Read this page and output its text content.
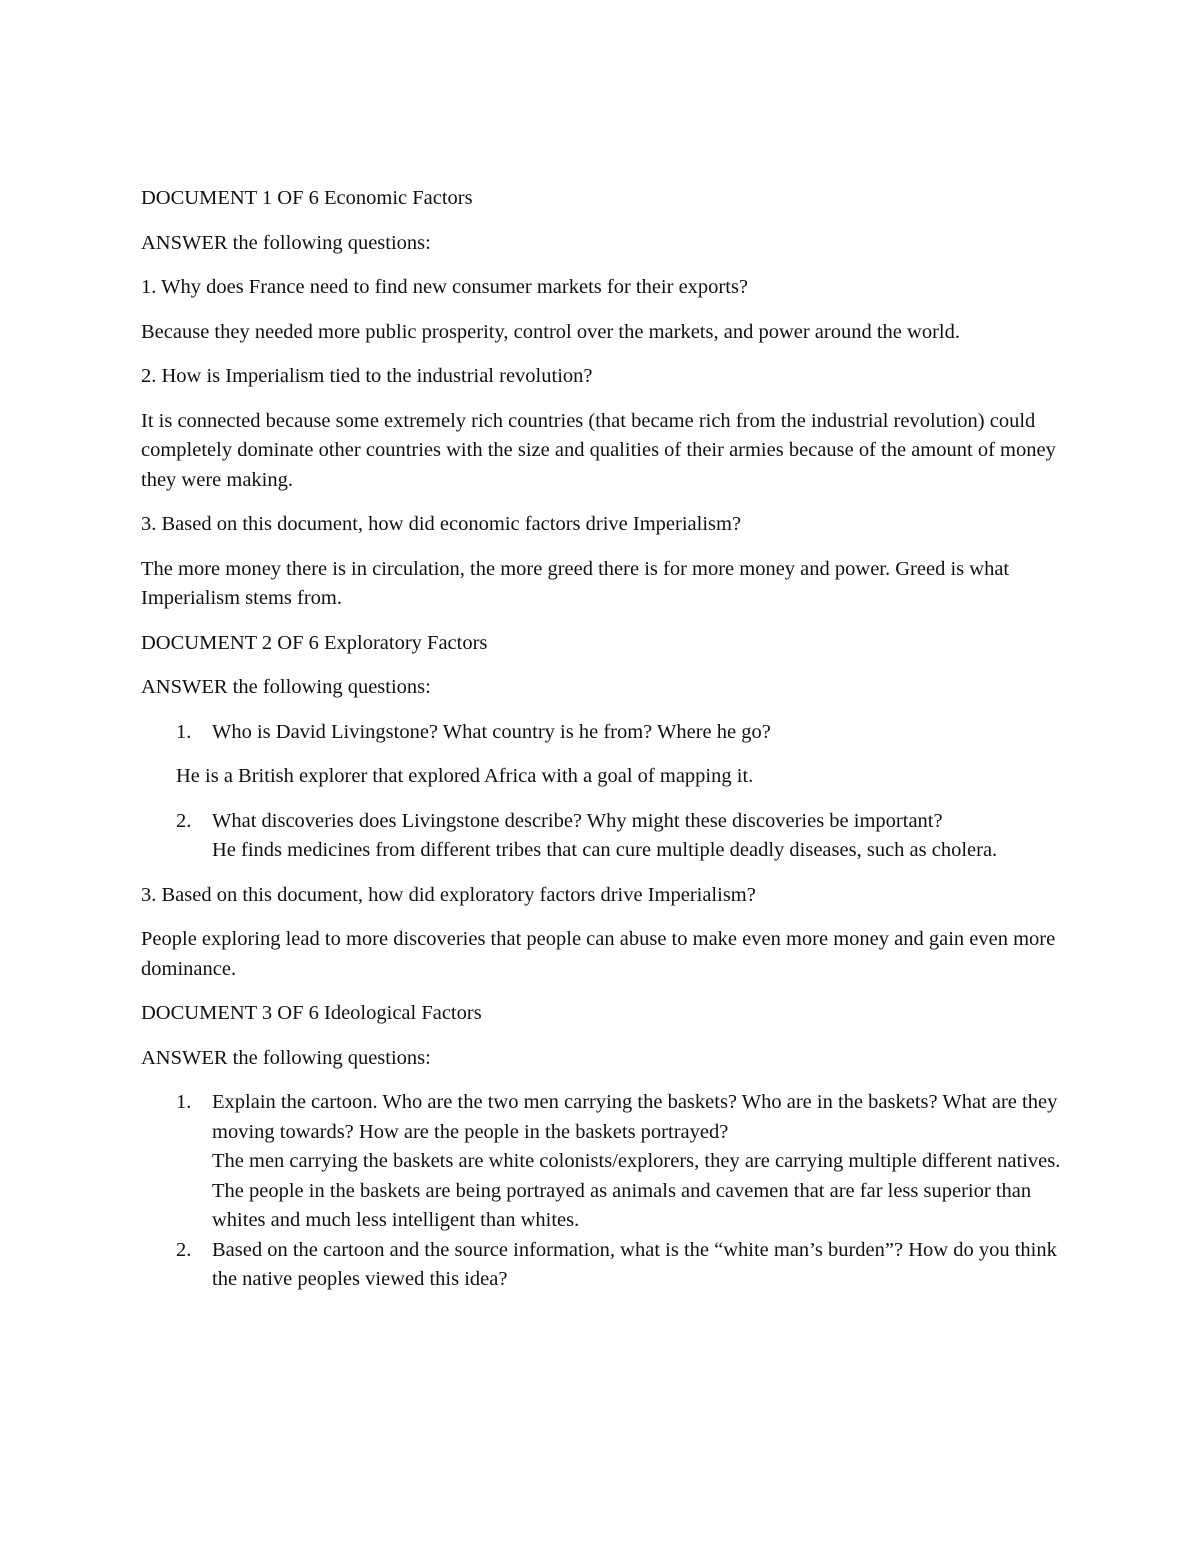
DOCUMENT 1 OF 6 Economic Factors

ANSWER the following questions:

1. Why does France need to find new consumer markets for their exports?

Because they needed more public prosperity, control over the markets, and power around the world.

2. How is Imperialism tied to the industrial revolution?

It is connected because some extremely rich countries (that became rich from the industrial revolution) could completely dominate other countries with the size and qualities of their armies because of the amount of money they were making.

3. Based on this document, how did economic factors drive Imperialism?

The more money there is in circulation, the more greed there is for more money and power. Greed is what Imperialism stems from.

DOCUMENT 2 OF 6 Exploratory Factors

ANSWER the following questions:

1. Who is David Livingstone? What country is he from? Where he go?

He is a British explorer that explored Africa with a goal of mapping it.

2. What discoveries does Livingstone describe? Why might these discoveries be important?
He finds medicines from different tribes that can cure multiple deadly diseases, such as cholera.

3. Based on this document, how did exploratory factors drive Imperialism?

People exploring lead to more discoveries that people can abuse to make even more money and gain even more dominance.

DOCUMENT 3 OF 6 Ideological Factors

ANSWER the following questions:

1. Explain the cartoon. Who are the two men carrying the baskets? Who are in the baskets? What are they moving towards? How are the people in the baskets portrayed?
The men carrying the baskets are white colonists/explorers, they are carrying multiple different natives. The people in the baskets are being portrayed as animals and cavemen that are far less superior than whites and much less intelligent than whites.
2. Based on the cartoon and the source information, what is the “white man’s burden”? How do you think the native peoples viewed this idea?
